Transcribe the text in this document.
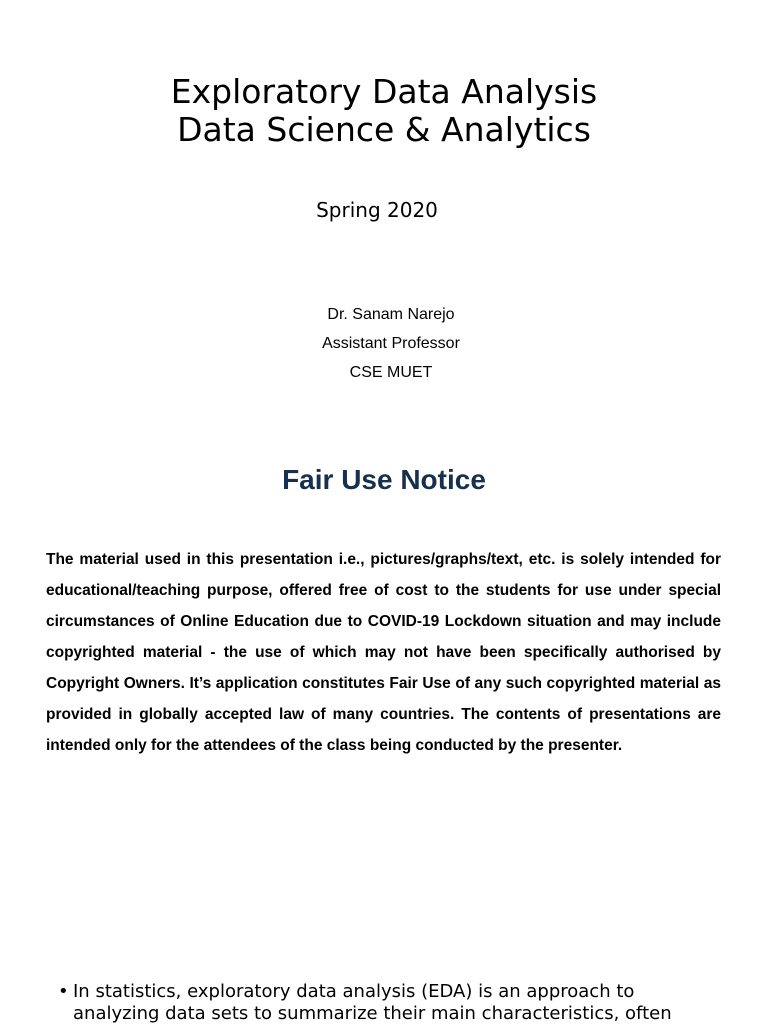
Exploratory Data Analysis

Data Science & Analytics

Spring 2020
Dr. Sanam Narejo
Assistant Professor
CSE MUET
Fair Use Notice

The material used in this presentation i.e., pictures/graphs/text, etc. is solely intended for educational/teaching purpose, offered free of cost to the students for use under special circumstances of Online Education due to COVID-19 Lockdown situation and may include copyrighted material - the use of which may not have been specifically authorised by Copyright Owners. It’s application constitutes Fair Use of any such copyrighted material as provided in globally accepted law of many countries. The contents of presentations are intended only for the attendees of the class being conducted by the presenter.

• In statistics, exploratory data analysis (EDA) is an approach to analyzing data sets to summarize their main characteristics, often
